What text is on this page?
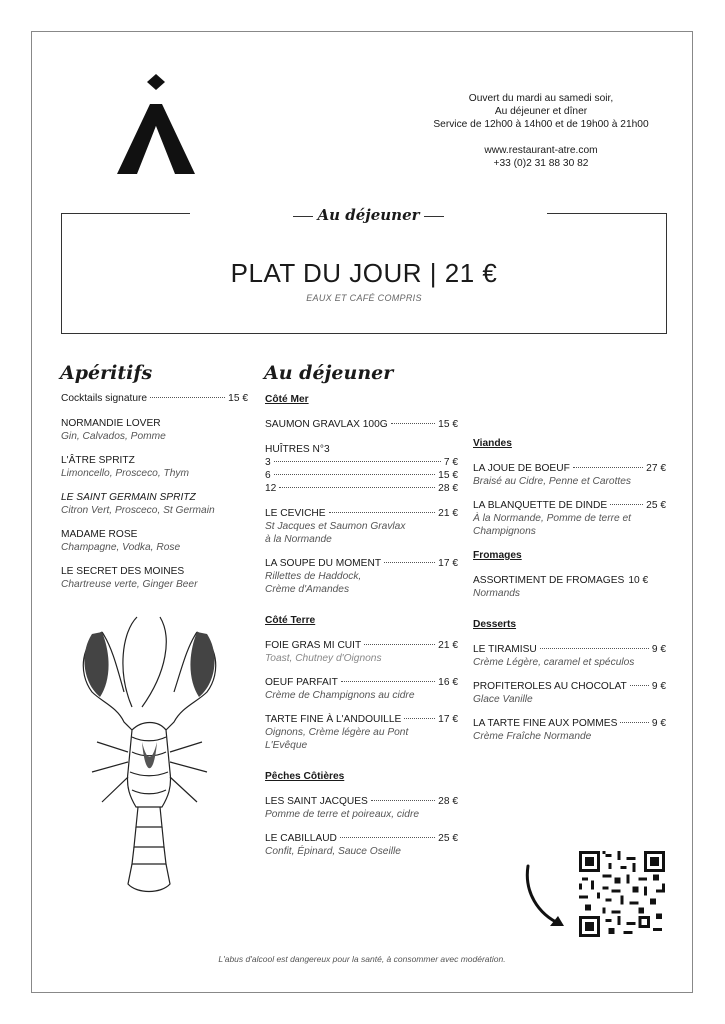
Ouvert du mardi au samedi soir,
Au déjeuner et dîner
Service de 12h00 à 14h00 et de 19h00 à 21h00
www.restaurant-atre.com
+33 (0)2 31 88 30 82
Au déjeuner
PLAT DU JOUR | 21 €
EAUX ET CAFÉ COMPRIS
Apéritifs
Cocktails signature	15 €
NORMANDIE LOVER
Gin, Calvados, Pomme
L'ÂTRE SPRITZ
Limoncello, Prosceco, Thym
LE SAINT GERMAIN SPRITZ
Citron Vert, Prosceco, St Germain
MADAME ROSE
Champagne, Vodka, Rose
LE SECRET DES MOINES
Chartreuse verte, Ginger Beer
Au déjeuner
Côté Mer
SAUMON GRAVLAX 100G	15 €
HUÎTRES N°3
3	7 €
6	15 €
12	28 €
LE CEVICHE	21 €
St Jacques et Saumon Gravlax
à la Normande
LA SOUPE DU MOMENT	17 €
Rillettes de Haddock,
Crème d'Amandes
Côté Terre
FOIE GRAS MI CUIT	21 €
Toast, Chutney d'Oignons
OEUF PARFAIT	16 €
Crème de Champignons au cidre
TARTE FINE À L'ANDOUILLE	17 €
Oignons, Crème légère au Pont
L'Evêque
Pêches Côtières
LES SAINT JACQUES	28 €
Pomme de terre et poireaux, cidre
LE CABILLAUD	25 €
Confit, Épinard, Sauce Oseille
Viandes
LA JOUE DE BOEUF	27 €
Braisé au Cidre, Penne et Carottes
LA BLANQUETTE DE DINDE	25 €
À la Normande, Pomme de terre et
Champignons
Fromages
ASSORTIMENT DE FROMAGES 10 €
Normands
Desserts
LE TIRAMISU	9 €
Crème Légère, caramel et spéculos
PROFITEROLES AU CHOCOLAT 9 €
Glace Vanille
LA TARTE FINE AUX POMMES	9 €
Crème Fraîche Normande
L'abus d'alcool est dangereux pour la santé, à consommer avec modération.
